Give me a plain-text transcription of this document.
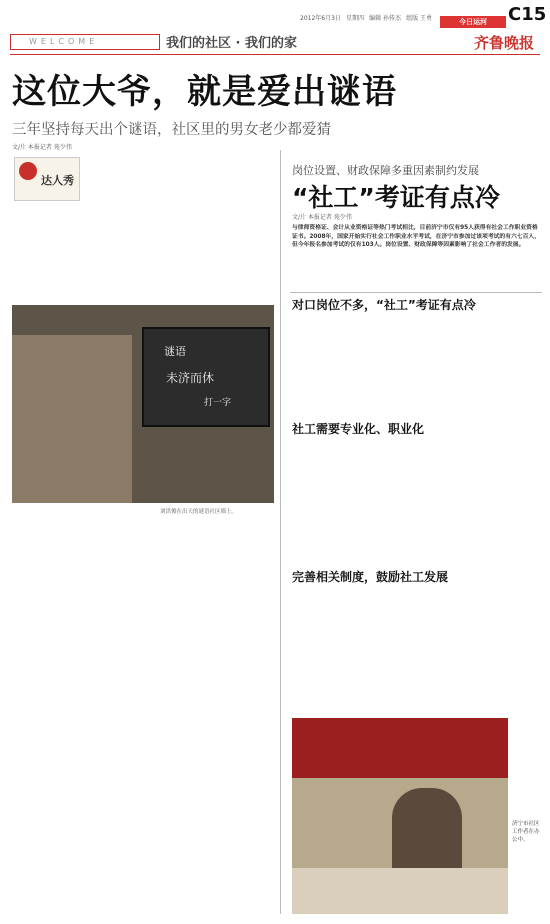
2012年6月3日 星期四 编辑 孙传杰 组版 王勇	今日运河	C15
WELCOME	我们的社区 · 我们的家	齐鲁晚报
这位大爷，就是爱出谜语
三年坚持每天出个谜语，社区里的男女老少都爱猜
文/片 本报记者 苑少伟
达人秀
谜语
未济而休
打一字
刘洪俊在出天的谜语社区墙上。
岗位设置、财政保障多重因素制约发展
“社工”考证有点冷
文/片 本报记者 苑少伟
与律师资格证、会计从业资格证等热门考试相比，目前济宁市仅有95人获得有社会工作职业资格证书。2008年，国家开始实行社会工作职业水平考试，在济宁市参加过该项考试的有六七百人，但今年报名参加考试的仅有103人。岗位设置、财政保障等因素影响了社会工作者的发展。
对口岗位不多，“社工”考证有点冷
社工需要专业化、职业化
完善相关制度，鼓励社工发展
济宁市社区工作者在办公中。
